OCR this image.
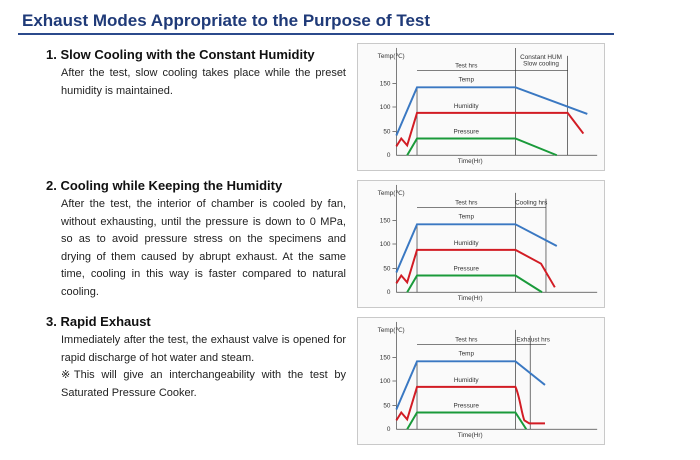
Exhaust Modes Appropriate to the Purpose of Test
1. Slow Cooling with the Constant Humidity

After the test, slow cooling takes place while the preset humidity is maintained.

2. Cooling while Keeping the Humidity

After the test, the interior of chamber is cooled by fan, without exhausting, until the pressure is down to 0 MPa, so as to avoid pressure stress on the specimens and drying of them caused by abrupt exhaust. At the same time, cooling in this way is faster compared to natural cooling.

3. Rapid Exhaust

Immediately after the test, the exhaust valve is opened for rapid discharge of hot water and steam.

※This will give an interchangeability with the test by Saturated Pressure Cooker.

Temp(℃)
150
100
50
0
Time(Hr)
Test hrs
Constant HUM Slow cooling
Temp
Humidity
Pressure
Temp(℃)
150
100
50
0
Time(Hr)
Test hrs	Cooling hrs
Temp
Humidity
Pressure
Temp(℃)
150
100
50
0
Time(Hr)
Test hrs	Exhaust hrs
Temp
Humidity
Pressure
